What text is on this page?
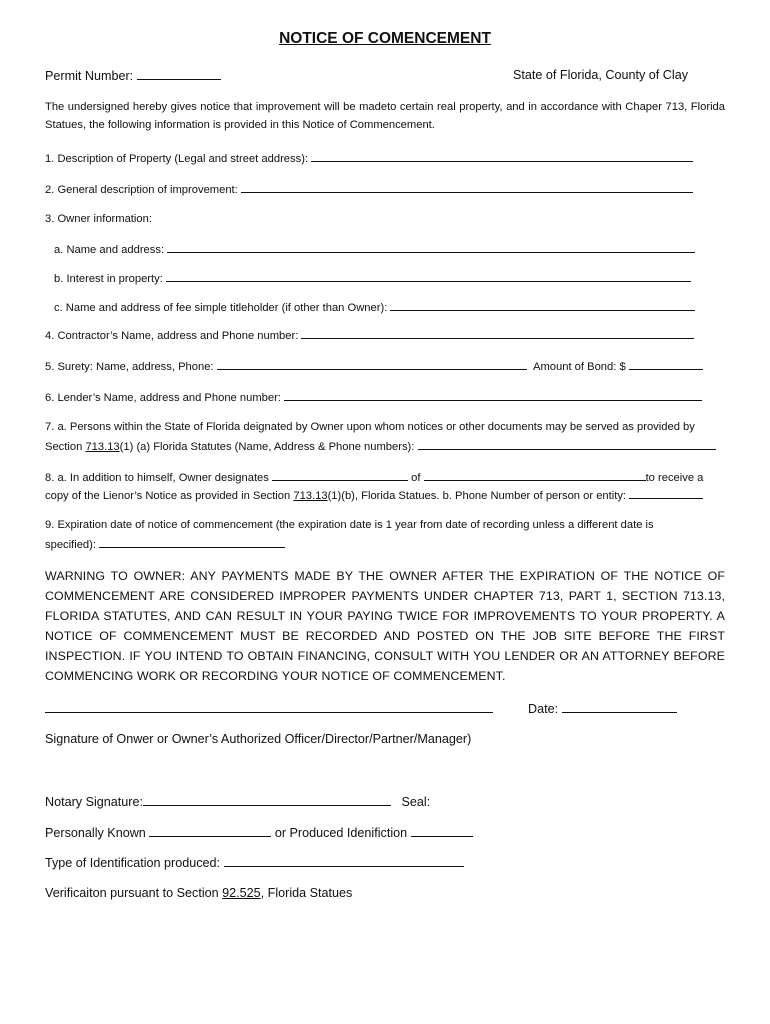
NOTICE OF COMENCEMENT
Permit Number:	State of Florida, County of Clay
The undersigned hereby gives notice that improvement will be madeto certain real property, and in accordance with Chaper 713, Florida Statues, the following information is provided in this Notice of Commencement.
1. Description of Property (Legal and street address):
2. General description of improvement:
3. Owner information:
a. Name and address:
b. Interest in property:
c. Name and address of fee simple titleholder (if other than Owner):
4. Contractor’s Name, address and Phone number:
5. Surety: Name, address, Phone:	Amount of Bond: $
6. Lender’s Name, address and Phone number:
7. a. Persons within the State of Florida deignated by Owner upon whom notices or other documents may be served as provided by
Section 713.13(1) (a) Florida Statutes (Name, Address & Phone numbers):
8. a. In addition to himself, Owner designates	of	to receive a
copy of the Lienor’s Notice as provided in Section 713.13(1)(b), Florida Statues. b. Phone Number of person or entity:
9. Expiration date of notice of commencement (the expiration date is 1 year from date of recording unless a different date is
specified):
WARNING TO OWNER: ANY PAYMENTS MADE BY THE OWNER AFTER THE EXPIRATION OF THE NOTICE OF COMMENCEMENT ARE CONSIDERED IMPROPER PAYMENTS UNDER CHAPTER 713, PART 1, SECTION 713.13, FLORIDA STATUTES, AND CAN RESULT IN YOUR PAYING TWICE FOR IMPROVEMENTS TO YOUR PROPERTY. A NOTICE OF COMMENCEMENT MUST BE RECORDED AND POSTED ON THE JOB SITE BEFORE THE FIRST INSPECTION. IF YOU INTEND TO OBTAIN FINANCING, CONSULT WITH YOU LENDER OR AN ATTORNEY BEFORE COMMENCING WORK OR RECORDING YOUR NOTICE OF COMMENCEMENT.
Date:
Signature of Onwer or Owner’s Authorized Officer/Director/Partner/Manager)
Notary Signature:	Seal:
Personally Known	or Produced Idenifiction
Type of Identification produced:
Verificaiton pursuant to Section 92.525, Florida Statues
